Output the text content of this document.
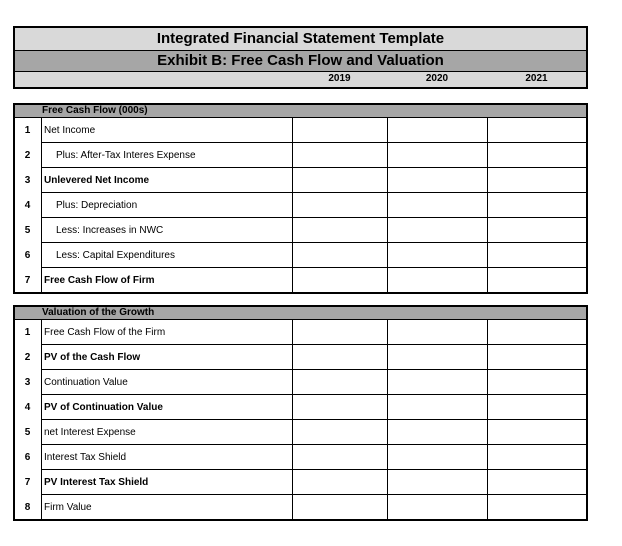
Integrated Financial Statement Template
Exhibit B: Free Cash Flow and Valuation
2019	2020	2021
Free Cash Flow (000s)
1	Net Income
2	Plus: After-Tax Interes Expense
3	Unlevered Net Income
4	Plus: Depreciation
5	Less: Increases in NWC
6	Less: Capital Expenditures
7	Free Cash Flow of Firm
Valuation of the Growth
1	Free Cash Flow of the Firm
2	PV of the Cash Flow
3	Continuation Value
4	PV of Continuation Value
5	net Interest Expense
6	Interest Tax Shield
7	PV Interest Tax Shield
8	Firm Value
